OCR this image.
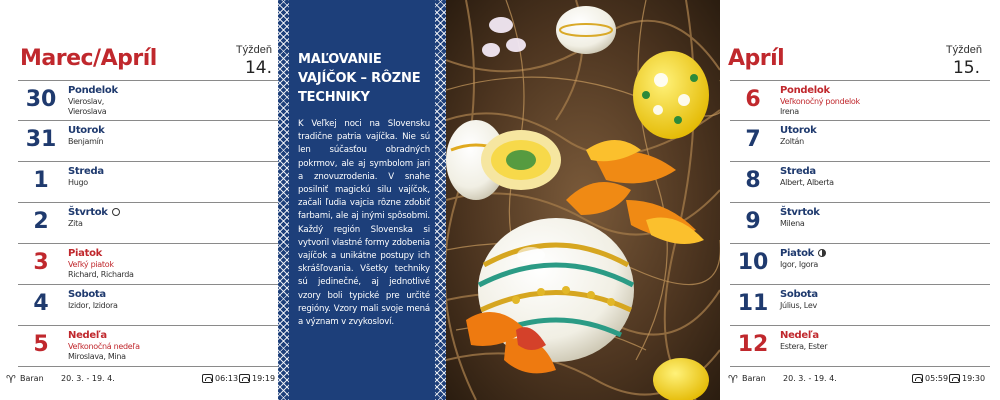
Marec/Apríl	Týždeň
14.
30	Pondelok
Vieroslav,
Vieroslava
31	Utorok
Benjamín
1	Streda
Hugo
2	Štvrtok
Zita
3	Piatok
Veľký piatok
Richard, Richarda
4	Sobota
Izidor, Izidora
5	Nedeľa
Veľkonočná nedeľa
Miroslava, Mina
♈ Baran 20. 3. - 19. 4.	06:13 19:19
MAĽOVANIE VAJÍČOK – RÔZNE TECHNIKY
K Veľkej noci na Slovensku tradične patria vajíčka. Nie sú len súčasťou obradných pokrmov, ale aj symbolom jari a znovuzrodenia. V snahe posilniť magickú silu vajíčok, začali ľudia vajcia rôzne zdobiť farbami, ale aj inými spôsobmi. Každý región Slovenska si vytvoril vlastné formy zdobenia vajíčok a unikátne postupy ich skrášľovania. Všetky techniky sú jedinečné, aj jednotlivé vzory boli typické pre určité regióny. Vzory mali svoje mená a význam v zvykosloví.
Apríl	Týždeň
15.
6	Pondelok
Veľkonočný pondelok
Irena
7	Utorok
Zoltán
8	Streda
Albert, Alberta
9	Štvrtok
Milena
10	Piatok
Igor, Igora
11	Sobota
Július, Lev
12	Nedeľa
Estera, Ester
♈ Baran 20. 3. - 19. 4.	05:59 19:30
